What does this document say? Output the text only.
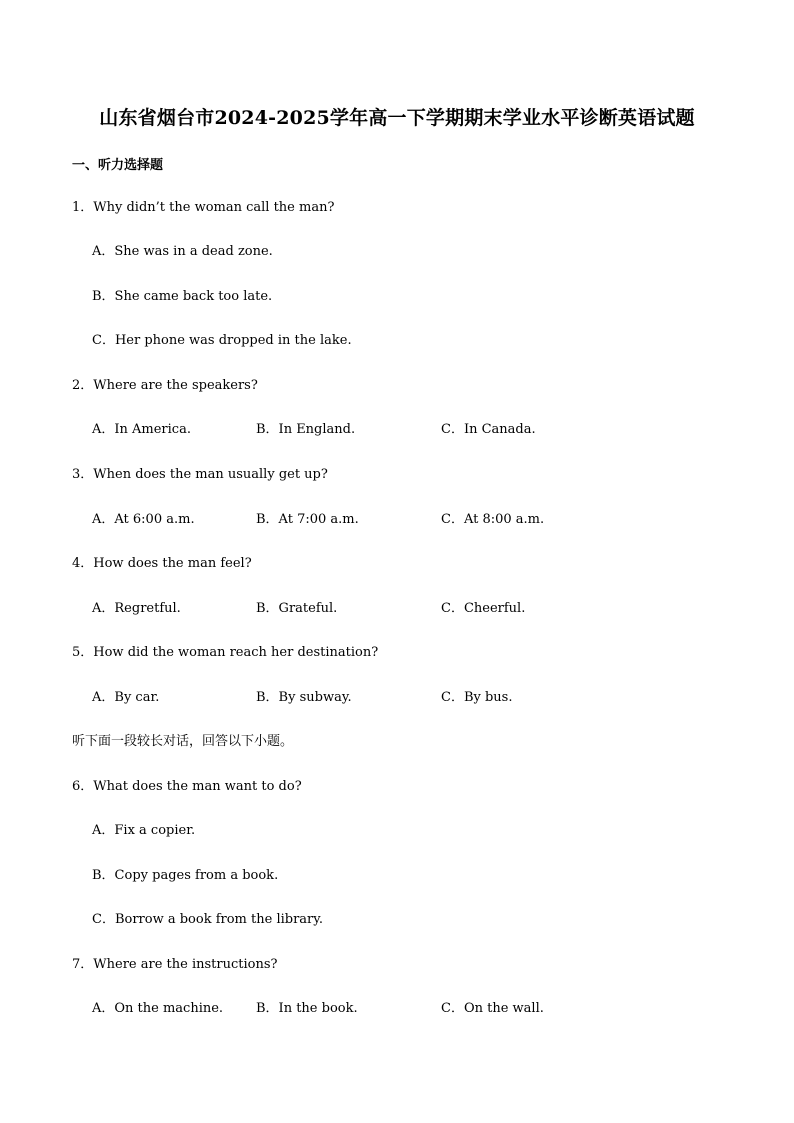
山东省烟台市2024-2025学年高一下学期期末学业水平诊断英语试题
一、听力选择题
1．Why didn’t the woman call the man?
A．She was in a dead zone.
B．She came back too late.
C．Her phone was dropped in the lake.
2．Where are the speakers?
A．In America.	B．In England.	C．In Canada.
3．When does the man usually get up?
A．At 6:00 a.m.	B．At 7:00 a.m.	C．At 8:00 a.m.
4．How does the man feel?
A．Regretful.	B．Grateful.	C．Cheerful.
5．How did the woman reach her destination?
A．By car.	B．By subway.	C．By bus.
听下面一段较长对话，回答以下小题。
6．What does the man want to do?
A．Fix a copier.
B．Copy pages from a book.
C．Borrow a book from the library.
7．Where are the instructions?
A．On the machine.	B．In the book.	C．On the wall.
